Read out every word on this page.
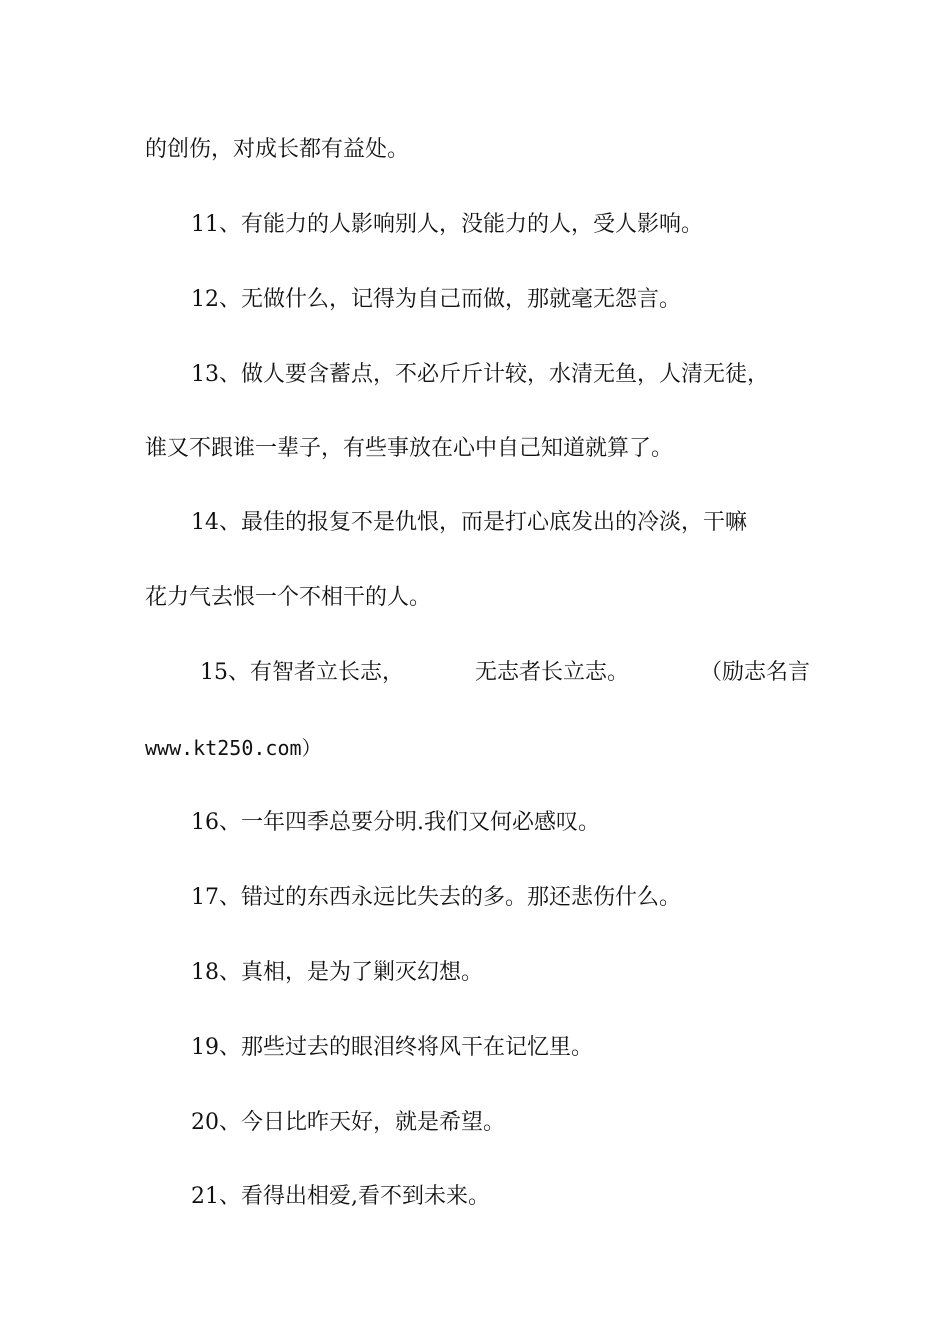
的创伤，对成长都有益处。
11、有能力的人影响别人，没能力的人，受人影响。
12、无做什么，记得为自己而做，那就毫无怨言。
13、做人要含蓄点，不必斤斤计较，水清无鱼，人清无徒，
谁又不跟谁一辈子，有些事放在心中自己知道就算了。
14、最佳的报复不是仇恨，而是打心底发出的冷淡，干嘛
花力气去恨一个不相干的人。
15、有智者立长志，	无志者长立志。	（励志名言
www.kt250.com）
16、一年四季总要分明.我们又何必感叹。
17、错过的东西永远比失去的多。那还悲伤什么。
18、真相，是为了剿灭幻想。
19、那些过去的眼泪终将风干在记忆里。
20、今日比昨天好，就是希望。
21、看得出相爱,看不到未来。
